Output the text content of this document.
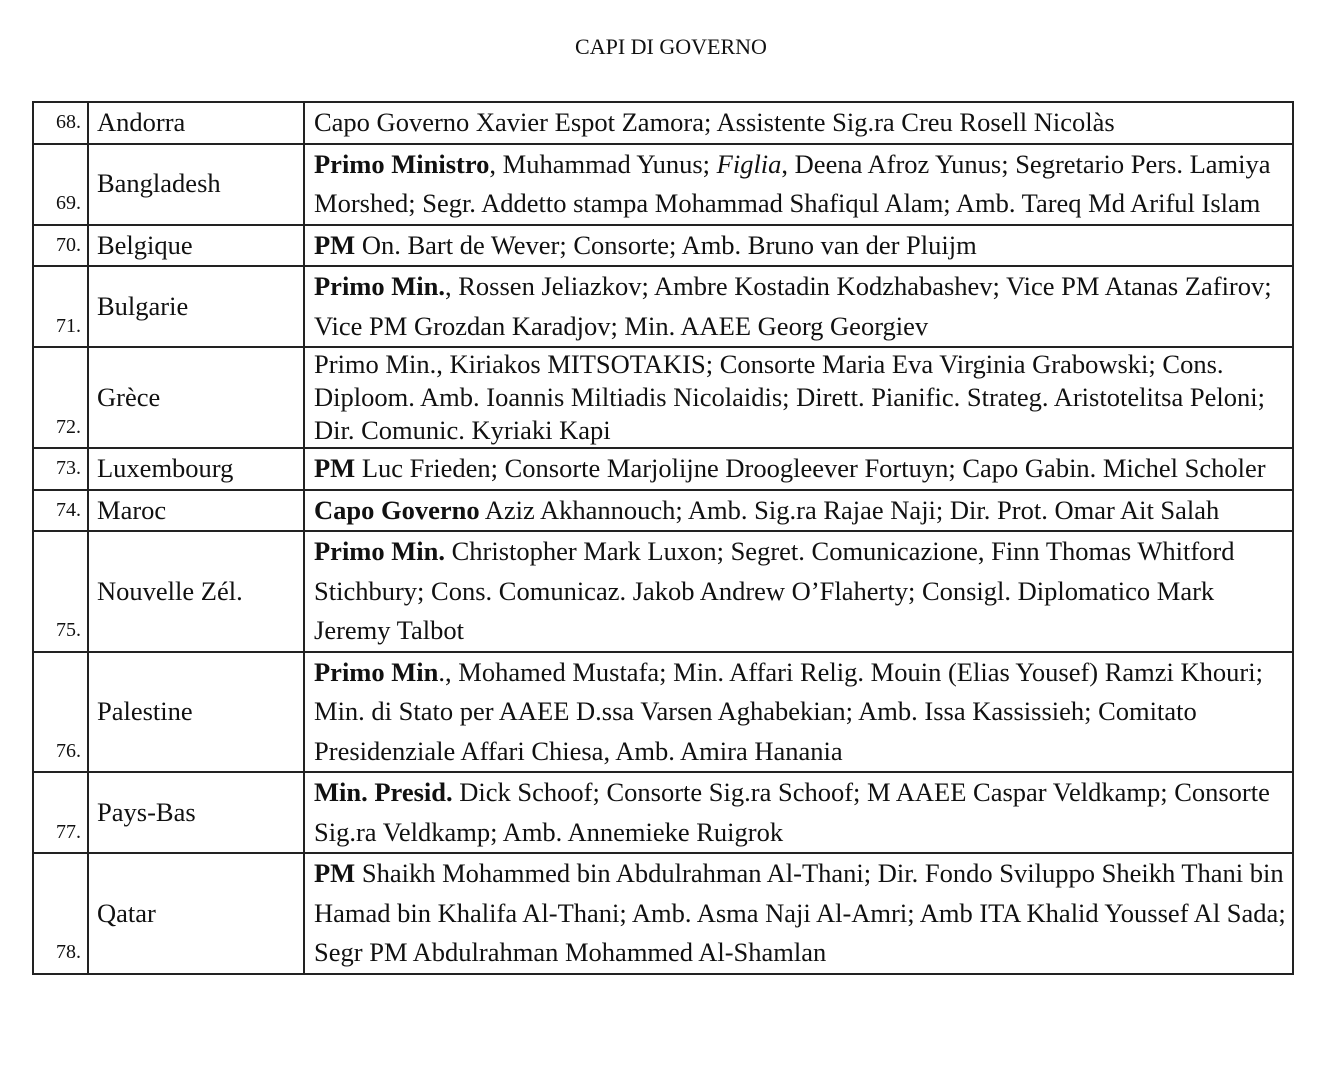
CAPI DI GOVERNO
68.	Andorra	Capo Governo Xavier Espot Zamora; Assistente Sig.ra Creu Rosell Nicolàs
69.	Bangladesh	Primo Ministro, Muhammad Yunus; Figlia, Deena Afroz Yunus; Segretario Pers. Lamiya Morshed; Segr. Addetto stampa Mohammad Shafiqul Alam; Amb. Tareq Md Ariful Islam
70.	Belgique	PM On. Bart de Wever; Consorte; Amb. Bruno van der Pluijm
71.	Bulgarie	Primo Min., Rossen Jeliazkov; Ambre Kostadin Kodzhabashev; Vice PM Atanas Zafirov; Vice PM Grozdan Karadjov; Min. AAEE Georg Georgiev
72.	Grèce	Primo Min., Kiriakos MITSOTAKIS; Consorte Maria Eva Virginia Grabowski; Cons. Diploom. Amb. Ioannis Miltiadis Nicolaidis; Dirett. Pianific. Strateg. Aristotelitsa Peloni; Dir. Comunic. Kyriaki Kapi
73.	Luxembourg	PM Luc Frieden; Consorte Marjolijne Droogleever Fortuyn; Capo Gabin. Michel Scholer
74.	Maroc	Capo Governo Aziz Akhannouch; Amb. Sig.ra Rajae Naji; Dir. Prot. Omar Ait Salah
75.	Nouvelle Zél.	Primo Min. Christopher Mark Luxon; Segret. Comunicazione, Finn Thomas Whitford Stichbury; Cons. Comunicaz. Jakob Andrew O’Flaherty; Consigl. Diplomatico Mark Jeremy Talbot
76.	Palestine	Primo Min., Mohamed Mustafa; Min. Affari Relig. Mouin (Elias Yousef) Ramzi Khouri; Min. di Stato per AAEE D.ssa Varsen Aghabekian; Amb. Issa Kassissieh; Comitato Presidenziale Affari Chiesa, Amb. Amira Hanania
77.	Pays-Bas	Min. Presid. Dick Schoof; Consorte Sig.ra Schoof; M AAEE Caspar Veldkamp; Consorte Sig.ra Veldkamp; Amb. Annemieke Ruigrok
78.	Qatar	PM Shaikh Mohammed bin Abdulrahman Al-Thani; Dir. Fondo Sviluppo Sheikh Thani bin Hamad bin Khalifa Al-Thani; Amb. Asma Naji Al-Amri; Amb ITA Khalid Youssef Al Sada; Segr PM Abdulrahman Mohammed Al-Shamlan
